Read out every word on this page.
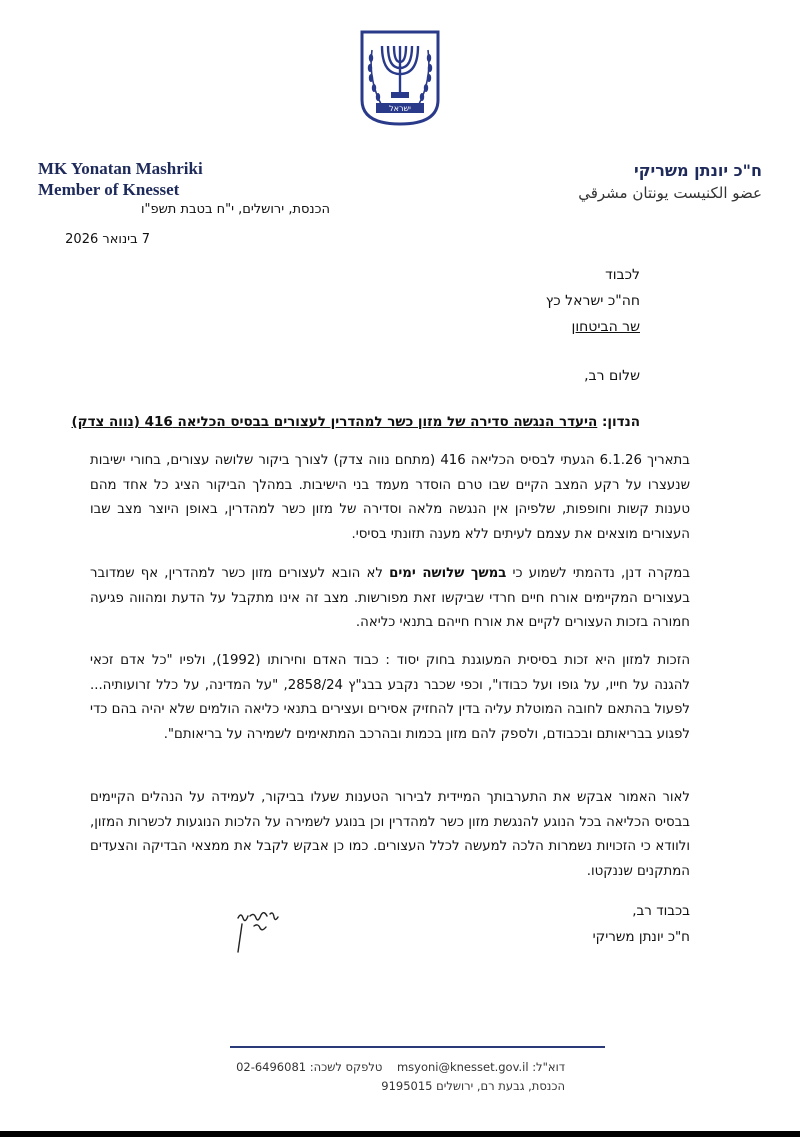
ישראל
MK Yonatan Mashriki
Member of Knesset
ח"כ יונתן משריקי
عضو الكنيست يونتان مشرقي
הכנסת, ירושלים, י"ח בטבת תשפ"ו
7 בינואר 2026
לכבוד
חה"כ ישראל כץ
שר הביטחון
שלום רב,
הנדון: היעדר הנגשה סדירה של מזון כשר למהדרין לעצורים בבסיס הכליאה 416 (נווה צדק)
בתאריך 6.1.26 הגעתי לבסיס הכליאה 416 (מתחם נווה צדק) לצורך ביקור שלושה עצורים, בחורי ישיבות שנעצרו על רקע המצב הקיים שבו טרם הוסדר מעמד בני הישיבות. במהלך הביקור הציג כל אחד מהם טענות קשות וחופפות, שלפיהן אין הנגשה מלאה וסדירה של מזון כשר למהדרין, באופן היוצר מצב שבו העצורים מוצאים את עצמם לעיתים ללא מענה תזונתי בסיסי.
במקרה דנן, נדהמתי לשמוע כי במשך שלושה ימים לא הובא לעצורים מזון כשר למהדרין, אף שמדובר בעצורים המקיימים אורח חיים חרדי שביקשו זאת מפורשות. מצב זה אינו מתקבל על הדעת ומהווה פגיעה חמורה בזכות העצורים לקיים את אורח חייהם בתנאי כליאה.
הזכות למזון היא זכות בסיסית המעוגנת בחוק יסוד : כבוד האדם וחירותו (1992), ולפיו "כל אדם זכאי להגנה על חייו, על גופו ועל כבודו", וכפי שכבר נקבע בבג"ץ 2858/24, "על המדינה, על כלל זרועותיה... לפעול בהתאם לחובה המוטלת עליה בדין להחזיק אסירים ועצירים בתנאי כליאה הולמים שלא יהיה בהם כדי לפגוע בבריאותם ובכבודם, ולספק להם מזון בכמות ובהרכב המתאימים לשמירה על בריאותם".
לאור האמור אבקש את התערבותך המיידית לבירור הטענות שעלו בביקור, לעמידה על הנהלים הקיימים בבסיס הכליאה בכל הנוגע להנגשת מזון כשר למהדרין וכן בנוגע לשמירה על הלכות הנוגעות לכשרות המזון, ולוודא כי הזכויות נשמרות הלכה למעשה לכלל העצורים. כמו כן אבקש לקבל את ממצאי הבדיקה והצעדים המתקנים שננקטו.
בכבוד רב,
ח"כ יונתן משריקי
דוא"ל: msyoni@knesset.gov.il    טלפקס לשכה: 02-6496081
הכנסת, גבעת רם, ירושלים 9195015
